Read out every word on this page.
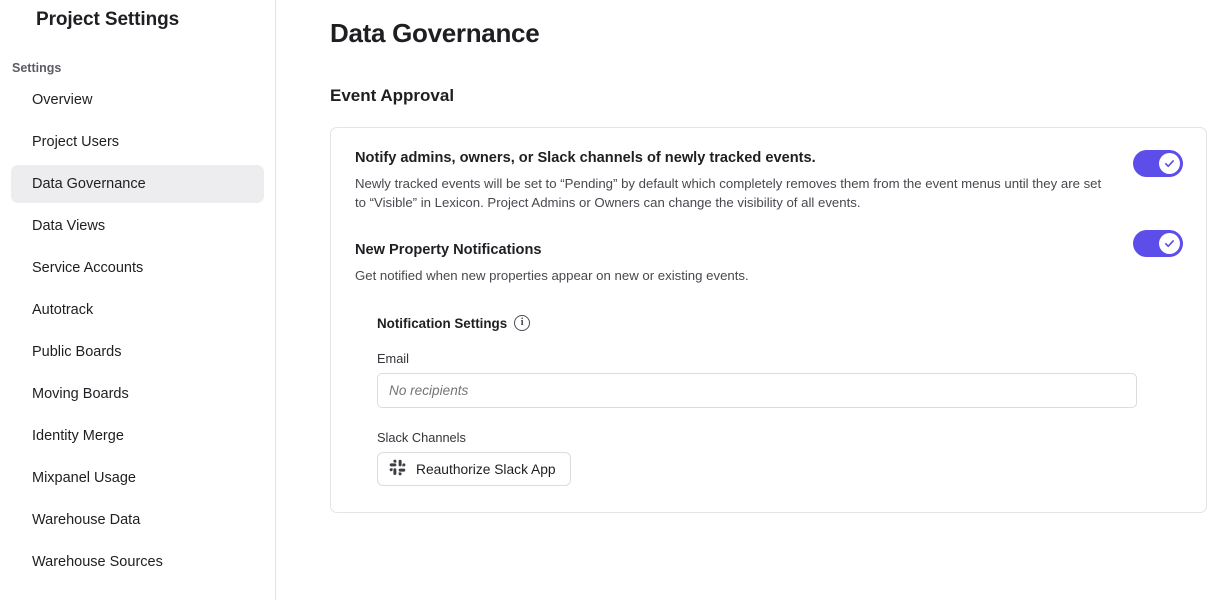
Project Settings
Settings
Overview
Project Users
Data Governance
Data Views
Service Accounts
Autotrack
Public Boards
Moving Boards
Identity Merge
Mixpanel Usage
Warehouse Data
Warehouse Sources
Data Governance
Event Approval
Notify admins, owners, or Slack channels of newly tracked events.

Newly tracked events will be set to “Pending” by default which completely removes them from the event menus until they are set to “Visible” in Lexicon. Project Admins or Owners can change the visibility of all events.

New Property Notifications

Get notified when new properties appear on new or existing events.

Notification Settings	i
Email
No recipients
Slack Channels
Reauthorize Slack App
